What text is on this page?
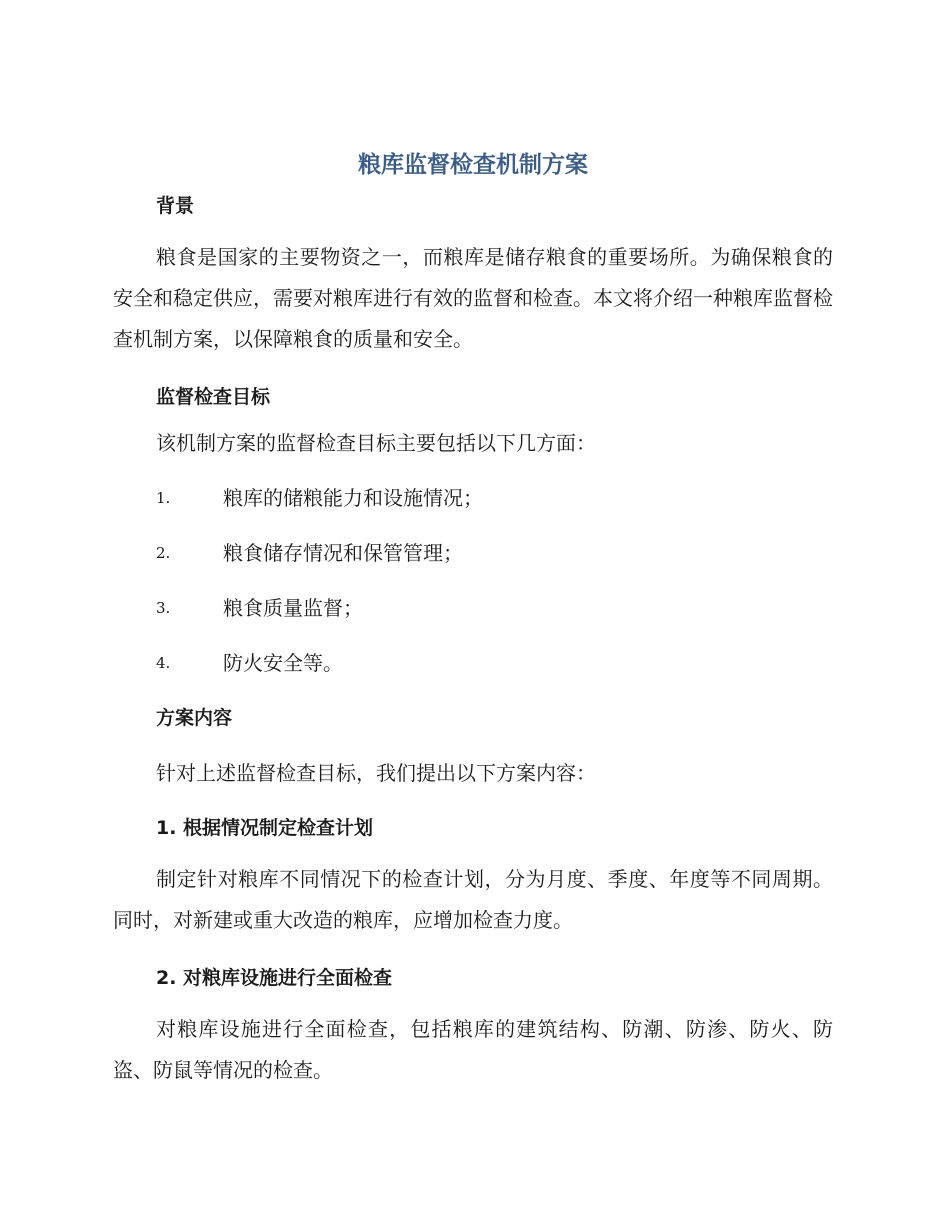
粮库监督检查机制方案
背景

粮食是国家的主要物资之一，而粮库是储存粮食的重要场所。为确保粮食的安全和稳定供应，需要对粮库进行有效的监督和检查。本文将介绍一种粮库监督检查机制方案，以保障粮食的质量和安全。

监督检查目标

该机制方案的监督检查目标主要包括以下几方面：

1.	粮库的储粮能力和设施情况；
2.	粮食储存情况和保管管理；
3.	粮食质量监督；
4.	防火安全等。
方案内容

针对上述监督检查目标，我们提出以下方案内容：

1. 根据情况制定检查计划

制定针对粮库不同情况下的检查计划，分为月度、季度、年度等不同周期。同时，对新建或重大改造的粮库，应增加检查力度。

2. 对粮库设施进行全面检查

对粮库设施进行全面检查，包括粮库的建筑结构、防潮、防渗、防火、防盗、防鼠等情况的检查。
